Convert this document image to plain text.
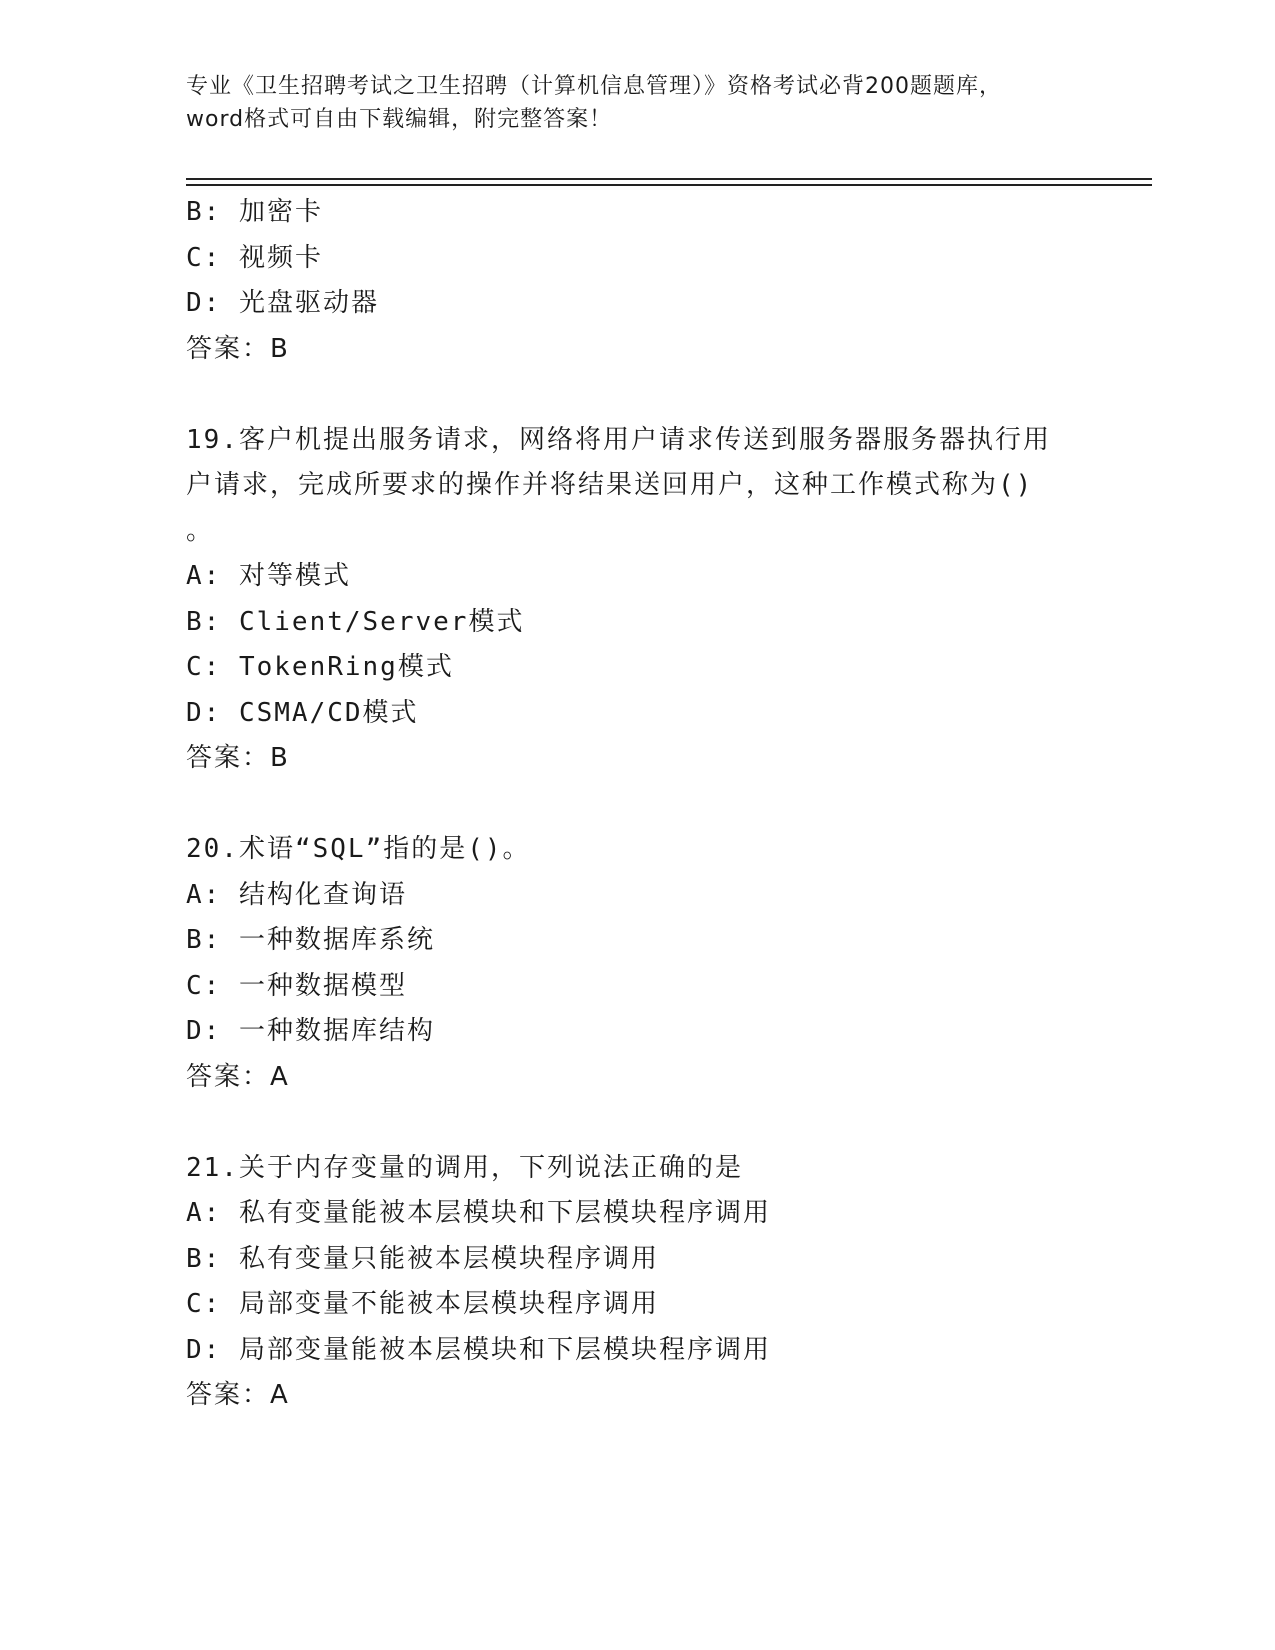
专业《卫生招聘考试之卫生招聘（计算机信息管理）》资格考试必背200题题库，
word格式可自由下载编辑，附完整答案！
B: 加密卡
C: 视频卡
D: 光盘驱动器
答案：B
19.客户机提出服务请求，网络将用户请求传送到服务器服务器执行用
户请求，完成所要求的操作并将结果送回用户，这种工作模式称为()
。
A: 对等模式
B: Client/Server模式
C: TokenRing模式
D: CSMA/CD模式
答案：B
20.术语“SQL”指的是()。
A: 结构化查询语
B: 一种数据库系统
C: 一种数据模型
D: 一种数据库结构
答案：A
21.关于内存变量的调用，下列说法正确的是
A: 私有变量能被本层模块和下层模块程序调用
B: 私有变量只能被本层模块程序调用
C: 局部变量不能被本层模块程序调用
D: 局部变量能被本层模块和下层模块程序调用
答案：A
